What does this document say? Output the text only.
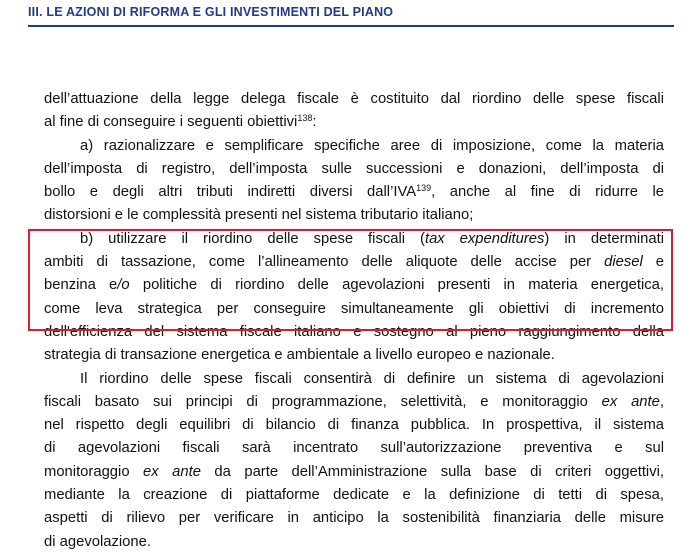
III. LE AZIONI DI RIFORMA E GLI INVESTIMENTI DEL PIANO
dell’attuazione della legge delega fiscale è costituito dal riordino delle spese fiscali
al fine di conseguire i seguenti obiettivi$^{138}$:
a) razionalizzare e semplificare specifiche aree di imposizione, come la materia
dell’imposta di registro, dell’imposta sulle successioni e donazioni, dell’imposta di
bollo e degli altri tributi indiretti diversi dall’IVA$^{139}$, anche al fine di ridurre le
distorsioni e le complessità presenti nel sistema tributario italiano;
b) utilizzare il riordino delle spese fiscali (tax expenditures) in determinati
ambiti di tassazione, come l’allineamento delle aliquote delle accise per diesel e
benzina e/o politiche di riordino delle agevolazioni presenti in materia energetica,
come leva strategica per conseguire simultaneamente gli obiettivi di incremento
dell'efficienza del sistema fiscale italiano e sostegno al pieno raggiungimento della
strategia di transazione energetica e ambientale a livello europeo e nazionale.
Il riordino delle spese fiscali consentirà di definire un sistema di agevolazioni
fiscali basato sui principi di programmazione, selettività, e monitoraggio ex ante,
nel rispetto degli equilibri di bilancio di finanza pubblica. In prospettiva, il sistema
di agevolazioni fiscali sarà incentrato sull’autorizzazione preventiva e sul
monitoraggio ex ante da parte dell’Amministrazione sulla base di criteri oggettivi,
mediante la creazione di piattaforme dedicate e la definizione di tetti di spesa,
aspetti di rilievo per verificare in anticipo la sostenibilità finanziaria delle misure
di agevolazione.
